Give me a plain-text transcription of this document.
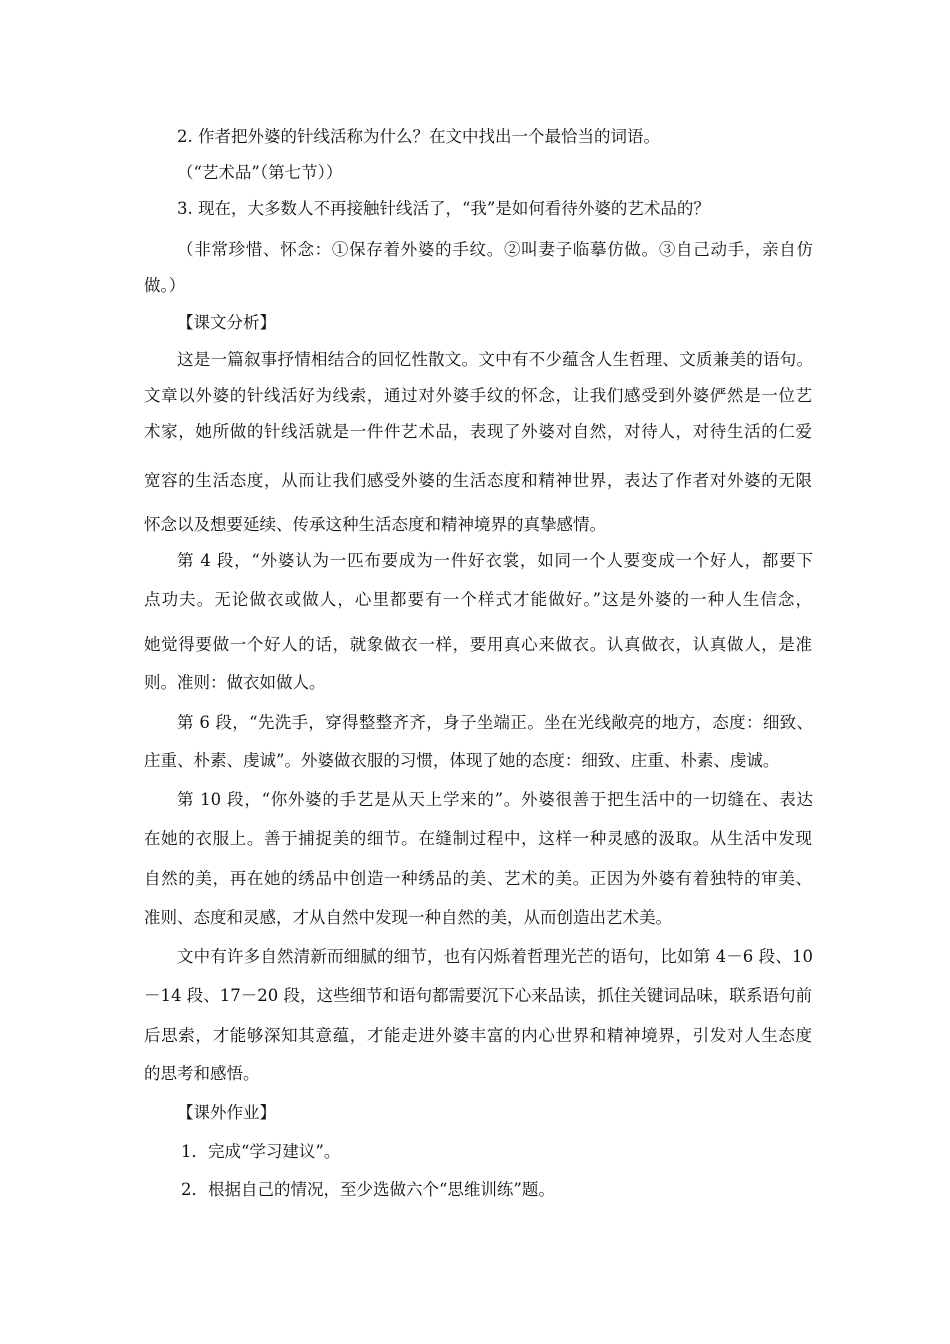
2. 作者把外婆的针线活称为什么？在文中找出一个最恰当的词语。
（“艺术品”（第七节））
3. 现在，大多数人不再接触针线活了，“我”是如何看待外婆的艺术品的？
（非常珍惜、怀念：①保存着外婆的手纹。②叫妻子临摹仿做。③自己动手，亲自仿
做。）
【课文分析】
这是一篇叙事抒情相结合的回忆性散文。文中有不少蕴含人生哲理、文质兼美的语句。
文章以外婆的针线活好为线索，通过对外婆手纹的怀念，让我们感受到外婆俨然是一位艺
术家，她所做的针线活就是一件件艺术品，表现了外婆对自然，对待人，对待生活的仁爱
宽容的生活态度，从而让我们感受外婆的生活态度和精神世界，表达了作者对外婆的无限
怀念以及想要延续、传承这种生活态度和精神境界的真挚感情。
第 4 段，“外婆认为一匹布要成为一件好衣裳，如同一个人要变成一个好人，都要下
点功夫。无论做衣或做人，心里都要有一个样式才能做好。”这是外婆的一种人生信念，
她觉得要做一个好人的话，就象做衣一样，要用真心来做衣。认真做衣，认真做人，是准
则。准则：做衣如做人。
第 6 段，“先洗手，穿得整整齐齐，身子坐端正。坐在光线敞亮的地方，态度：细致、
庄重、朴素、虔诚”。外婆做衣服的习惯，体现了她的态度：细致、庄重、朴素、虔诚。
第 10 段，“你外婆的手艺是从天上学来的”。外婆很善于把生活中的一切缝在、表达
在她的衣服上。善于捕捉美的细节。在缝制过程中，这样一种灵感的汲取。从生活中发现
自然的美，再在她的绣品中创造一种绣品的美、艺术的美。正因为外婆有着独特的审美、
准则、态度和灵感，才从自然中发现一种自然的美，从而创造出艺术美。
文中有许多自然清新而细腻的细节，也有闪烁着哲理光芒的语句，比如第 4－6 段、10
－14 段、17－20 段，这些细节和语句都需要沉下心来品读，抓住关键词品味，联系语句前
后思索，才能够深知其意蕴，才能走进外婆丰富的内心世界和精神境界，引发对人生态度
的思考和感悟。
【课外作业】
1．完成“学习建议”。
2．根据自己的情况，至少选做六个“思维训练”题。
